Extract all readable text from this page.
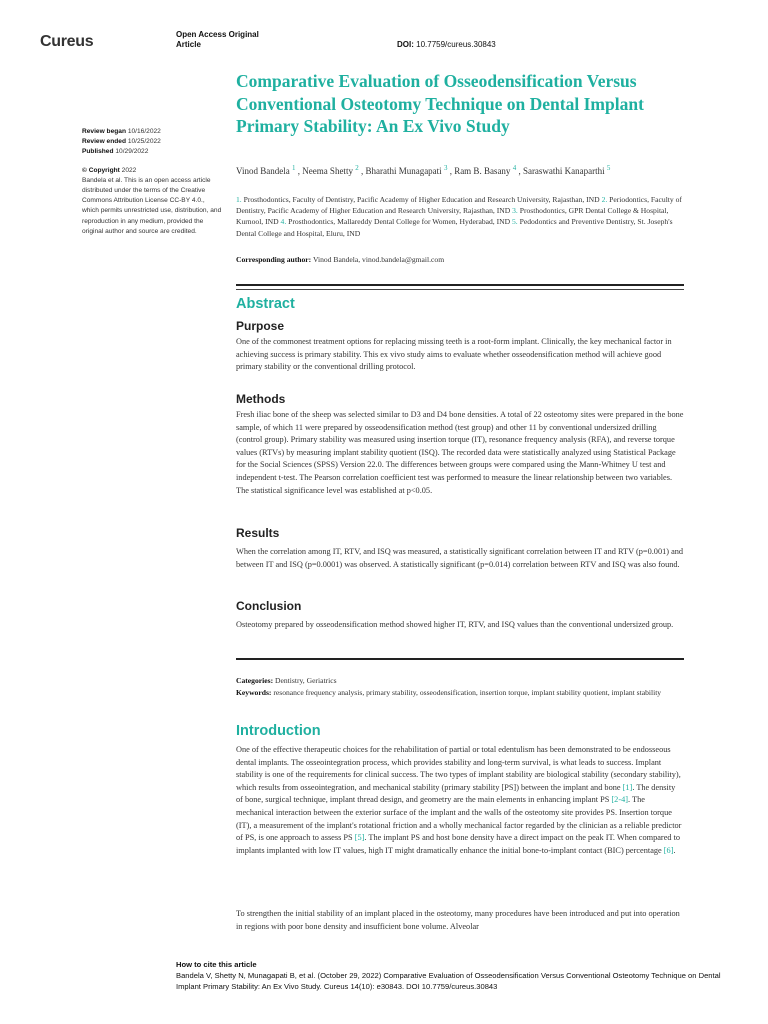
Cureus	Open Access Original
Article	DOI: 10.7759/cureus.30843
Review began 10/16/2022
Review ended 10/25/2022
Published 10/29/2022
© Copyright 2022
Bandela et al. This is an open access article distributed under the terms of the Creative Commons Attribution License CC-BY 4.0., which permits unrestricted use, distribution, and reproduction in any medium, provided the original author and source are credited.
Comparative Evaluation of Osseodensification Versus Conventional Osteotomy Technique on Dental Implant Primary Stability: An Ex Vivo Study
Vinod Bandela $^1$ , Neema Shetty $^2$ , Bharathi Munagapati $^3$ , Ram B. Basany $^4$ , Saraswathi Kanaparthi $^5$
1. Prosthodontics, Faculty of Dentistry, Pacific Academy of Higher Education and Research University, Rajasthan, IND 2. Periodontics, Faculty of Dentistry, Pacific Academy of Higher Education and Research University, Rajasthan, IND 3. Prosthodontics, GPR Dental College & Hospital, Kurnool, IND 4. Prosthodontics, Mallareddy Dental College for Women, Hyderabad, IND 5. Pedodontics and Preventive Dentistry, St. Joseph's Dental College and Hospital, Eluru, IND
Corresponding author: Vinod Bandela, vinod.bandela@gmail.com
Abstract
Purpose

One of the commonest treatment options for replacing missing teeth is a root-form implant. Clinically, the key mechanical factor in achieving success is primary stability. This ex vivo study aims to evaluate whether osseodensification method will achieve good primary stability or the conventional drilling protocol.

Methods

Fresh iliac bone of the sheep was selected similar to D3 and D4 bone densities. A total of 22 osteotomy sites were prepared in the bone sample, of which 11 were prepared by osseodensification method (test group) and other 11 by conventional undersized drilling (control group). Primary stability was measured using insertion torque (IT), resonance frequency analysis (RFA), and reverse torque values (RTVs) by measuring implant stability quotient (ISQ). The recorded data were statistically analyzed using Statistical Package for the Social Sciences (SPSS) Version 22.0. The differences between groups were compared using the Mann-Whitney U test and independent t-test. The Pearson correlation coefficient test was performed to measure the linear relationship between two variables. The statistical significance level was established at p<0.05.

Results

When the correlation among IT, RTV, and ISQ was measured, a statistically significant correlation between IT and RTV (p=0.001) and between IT and ISQ (p=0.0001) was observed. A statistically significant (p=0.014) correlation between RTV and ISQ was also found.

Conclusion

Osteotomy prepared by osseodensification method showed higher IT, RTV, and ISQ values than the conventional undersized group.

Categories: Dentistry, Geriatrics
Keywords: resonance frequency analysis, primary stability, osseodensification, insertion torque, implant stability quotient, implant stability
Introduction

One of the effective therapeutic choices for the rehabilitation of partial or total edentulism has been demonstrated to be endosseous dental implants. The osseointegration process, which provides stability and long-term survival, is what leads to success. Implant stability is one of the requirements for clinical success. The two types of implant stability are biological stability (secondary stability), which results from osseointegration, and mechanical stability (primary stability [PS]) between the implant and bone [1]. The density of bone, surgical technique, implant thread design, and geometry are the main elements in enhancing implant PS [2-4]. The mechanical interaction between the exterior surface of the implant and the walls of the osteotomy site provides PS. Insertion torque (IT), a measurement of the implant's rotational friction and a wholly mechanical factor regarded by the clinician as a reliable predictor of PS, is one approach to assess PS [5]. The implant PS and host bone density have a direct impact on the peak IT. When compared to implants implanted with low IT values, high IT might dramatically enhance the initial bone-to-implant contact (BIC) percentage [6].

To strengthen the initial stability of an implant placed in the osteotomy, many procedures have been introduced and put into operation in regions with poor bone density and insufficient bone volume. Alveolar

How to cite this article
Bandela V, Shetty N, Munagapati B, et al. (October 29, 2022) Comparative Evaluation of Osseodensification Versus Conventional Osteotomy Technique on Dental Implant Primary Stability: An Ex Vivo Study. Cureus 14(10): e30843. DOI 10.7759/cureus.30843
